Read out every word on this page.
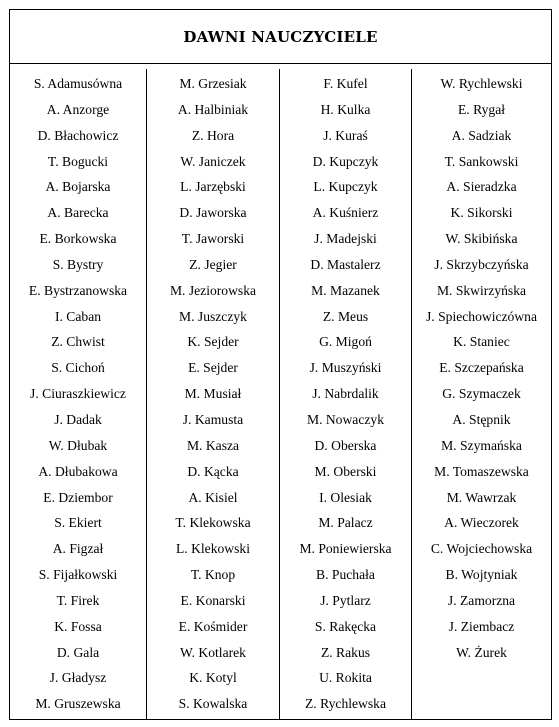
DAWNI NAUCZYCIELE
S. Adamusówna
A. Anzorge
D. Błachowicz
T. Bogucki
A. Bojarska
A. Barecka
E. Borkowska
S. Bystry
E. Bystrzanowska
I. Caban
Z. Chwist
S. Cichoń
J. Ciuraszkiewicz
J. Dadak
W. Dłubak
A. Dłubakowa
E. Dziembor
S. Ekiert
A. Figzał
S. Fijałkowski
T. Firek
K. Fossa
D. Gala
J. Gładysz
M. Gruszewska
M. Grzesiak
A. Halbiniak
Z. Hora
W. Janiczek
L. Jarzębski
D. Jaworska
T. Jaworski
Z. Jegier
M. Jeziorowska
M. Juszczyk
K. Sejder
E. Sejder
M. Musiał
J. Kamusta
M. Kasza
D. Kącka
A. Kisiel
T. Klekowska
L. Klekowski
T. Knop
E. Konarski
E. Kośmider
W. Kotlarek
K. Kotyl
S. Kowalska
F. Kufel
H. Kulka
J. Kuraś
D. Kupczyk
L. Kupczyk
A. Kuśnierz
J. Madejski
D. Mastalerz
M. Mazanek
Z. Meus
G. Migoń
J. Muszyński
J. Nabrdalik
M. Nowaczyk
D. Oberska
M. Oberski
I. Olesiak
M. Palacz
M. Poniewierska
B. Puchała
J. Pytlarz
S. Rakęcka
Z. Rakus
U. Rokita
Z. Rychlewska
W. Rychlewski
E. Rygał
A. Sadziak
T. Sankowski
A. Sieradzka
K. Sikorski
W. Skibińska
J. Skrzybczyńska
M. Skwirzyńska
J. Spiechowiczówna
K. Staniec
E. Szczepańska
G. Szymaczek
A. Stępnik
M. Szymańska
M. Tomaszewska
M. Wawrzak
A. Wieczorek
C. Wojciechowska
B. Wojtyniak
J. Zamorzna
J. Ziembacz
W. Żurek
